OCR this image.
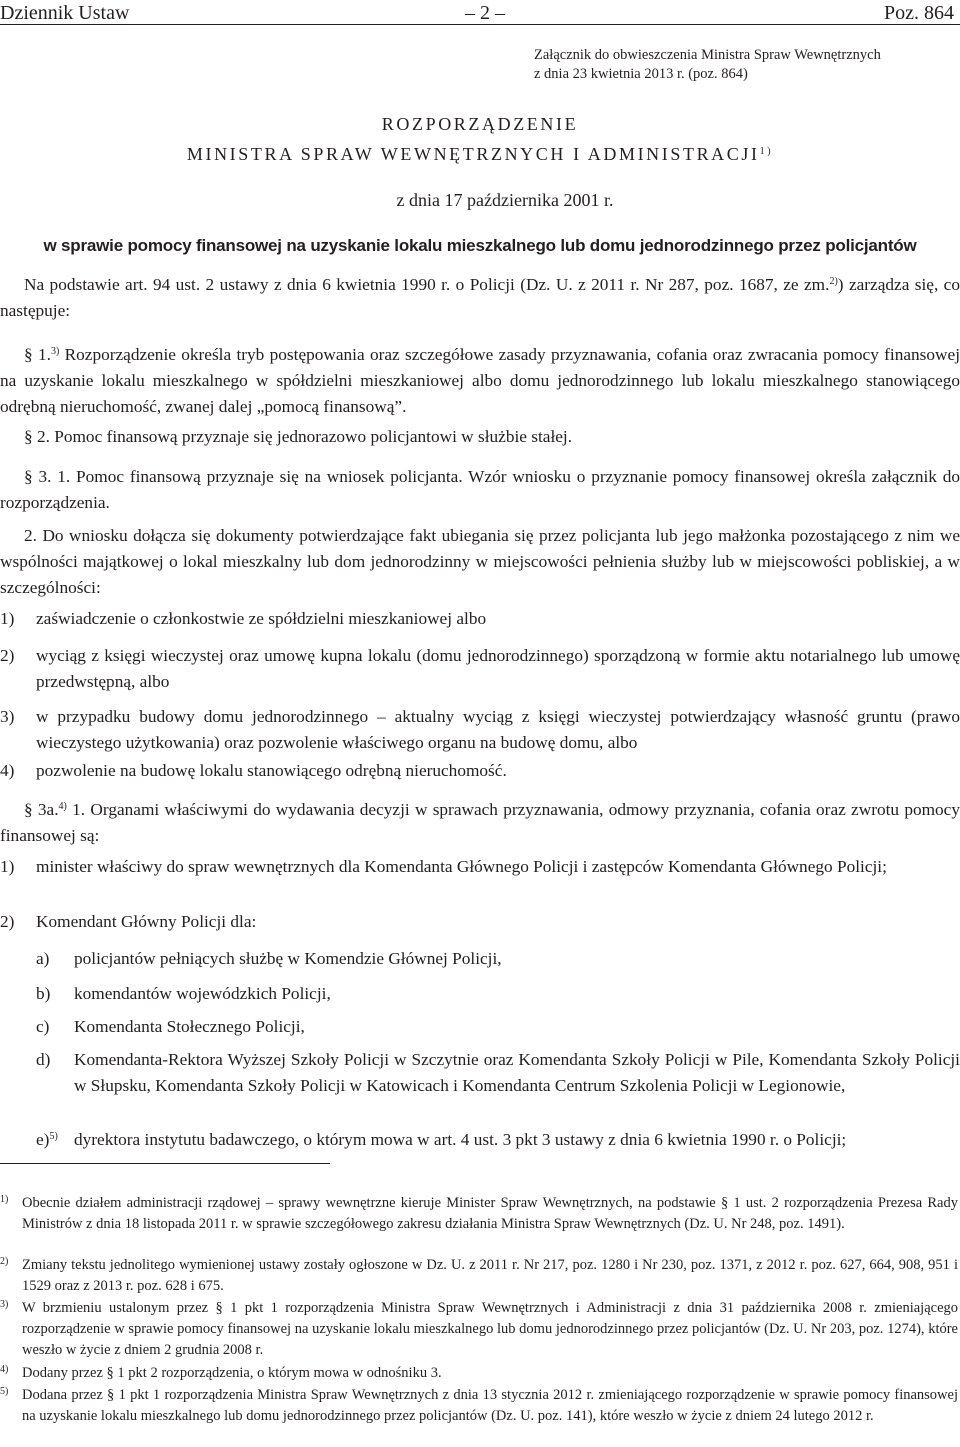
Dziennik Ustaw	– 2 –	Poz. 864
Załącznik do obwieszczenia Ministra Spraw Wewnętrznych
z dnia 23 kwietnia 2013 r. (poz. 864)
ROZPORZĄDZENIE
MINISTRA SPRAW WEWNĘTRZNYCH I ADMINISTRACJI$^{1)}$
z dnia 17 października 2001 r.
w sprawie pomocy finansowej na uzyskanie lokalu mieszkalnego lub domu jednorodzinnego przez policjantów
Na podstawie art. 94 ust. 2 ustawy z dnia 6 kwietnia 1990 r. o Policji (Dz. U. z 2011 r. Nr 287, poz. 1687, ze zm.$^{2)}$) zarządza się, co następuje:
§ 1.$^{3)}$ Rozporządzenie określa tryb postępowania oraz szczegółowe zasady przyznawania, cofania oraz zwracania pomocy finansowej na uzyskanie lokalu mieszkalnego w spółdzielni mieszkaniowej albo domu jednorodzinnego lub lokalu mieszkalnego stanowiącego odrębną nieruchomość, zwanej dalej „pomocą finansową”.
§ 2. Pomoc finansową przyznaje się jednorazowo policjantowi w służbie stałej.
§ 3. 1. Pomoc finansową przyznaje się na wniosek policjanta. Wzór wniosku o przyznanie pomocy finansowej określa załącznik do rozporządzenia.
2. Do wniosku dołącza się dokumenty potwierdzające fakt ubiegania się przez policjanta lub jego małżonka pozostającego z nim we wspólności majątkowej o lokal mieszkalny lub dom jednorodzinny w miejscowości pełnienia służby lub w miejscowości pobliskiej, a w szczególności:
1) zaświadczenie o członkostwie ze spółdzielni mieszkaniowej albo
2) wyciąg z księgi wieczystej oraz umowę kupna lokalu (domu jednorodzinnego) sporządzoną w formie aktu notarialnego lub umowę przedwstępną, albo
3) w przypadku budowy domu jednorodzinnego – aktualny wyciąg z księgi wieczystej potwierdzający własność gruntu (prawo wieczystego użytkowania) oraz pozwolenie właściwego organu na budowę domu, albo
4) pozwolenie na budowę lokalu stanowiącego odrębną nieruchomość.
§ 3a.$^{4)}$ 1. Organami właściwymi do wydawania decyzji w sprawach przyznawania, odmowy przyznania, cofania oraz zwrotu pomocy finansowej są:
1) minister właściwy do spraw wewnętrznych dla Komendanta Głównego Policji i zastępców Komendanta Głównego Policji;
2) Komendant Główny Policji dla:
a) policjantów pełniących służbę w Komendzie Głównej Policji,
b) komendantów wojewódzkich Policji,
c) Komendanta Stołecznego Policji,
d) Komendanta-Rektora Wyższej Szkoły Policji w Szczytnie oraz Komendanta Szkoły Policji w Pile, Komendanta Szkoły Policji w Słupsku, Komendanta Szkoły Policji w Katowicach i Komendanta Centrum Szkolenia Policji w Legionowie,
e)$^{5)}$ dyrektora instytutu badawczego, o którym mowa w art. 4 ust. 3 pkt 3 ustawy z dnia 6 kwietnia 1990 r. o Policji;
1) Obecnie działem administracji rządowej – sprawy wewnętrzne kieruje Minister Spraw Wewnętrznych, na podstawie § 1 ust. 2 rozporządzenia Prezesa Rady Ministrów z dnia 18 listopada 2011 r. w sprawie szczegółowego zakresu działania Ministra Spraw Wewnętrznych (Dz. U. Nr 248, poz. 1491).
2) Zmiany tekstu jednolitego wymienionej ustawy zostały ogłoszone w Dz. U. z 2011 r. Nr 217, poz. 1280 i Nr 230, poz. 1371, z 2012 r. poz. 627, 664, 908, 951 i 1529 oraz z 2013 r. poz. 628 i 675.
3) W brzmieniu ustalonym przez § 1 pkt 1 rozporządzenia Ministra Spraw Wewnętrznych i Administracji z dnia 31 października 2008 r. zmieniającego rozporządzenie w sprawie pomocy finansowej na uzyskanie lokalu mieszkalnego lub domu jednorodzinnego przez policjantów (Dz. U. Nr 203, poz. 1274), które weszło w życie z dniem 2 grudnia 2008 r.
4) Dodany przez § 1 pkt 2 rozporządzenia, o którym mowa w odnośniku 3.
5) Dodana przez § 1 pkt 1 rozporządzenia Ministra Spraw Wewnętrznych z dnia 13 stycznia 2012 r. zmieniającego rozporządzenie w sprawie pomocy finansowej na uzyskanie lokalu mieszkalnego lub domu jednorodzinnego przez policjantów (Dz. U. poz. 141), które weszło w życie z dniem 24 lutego 2012 r.
